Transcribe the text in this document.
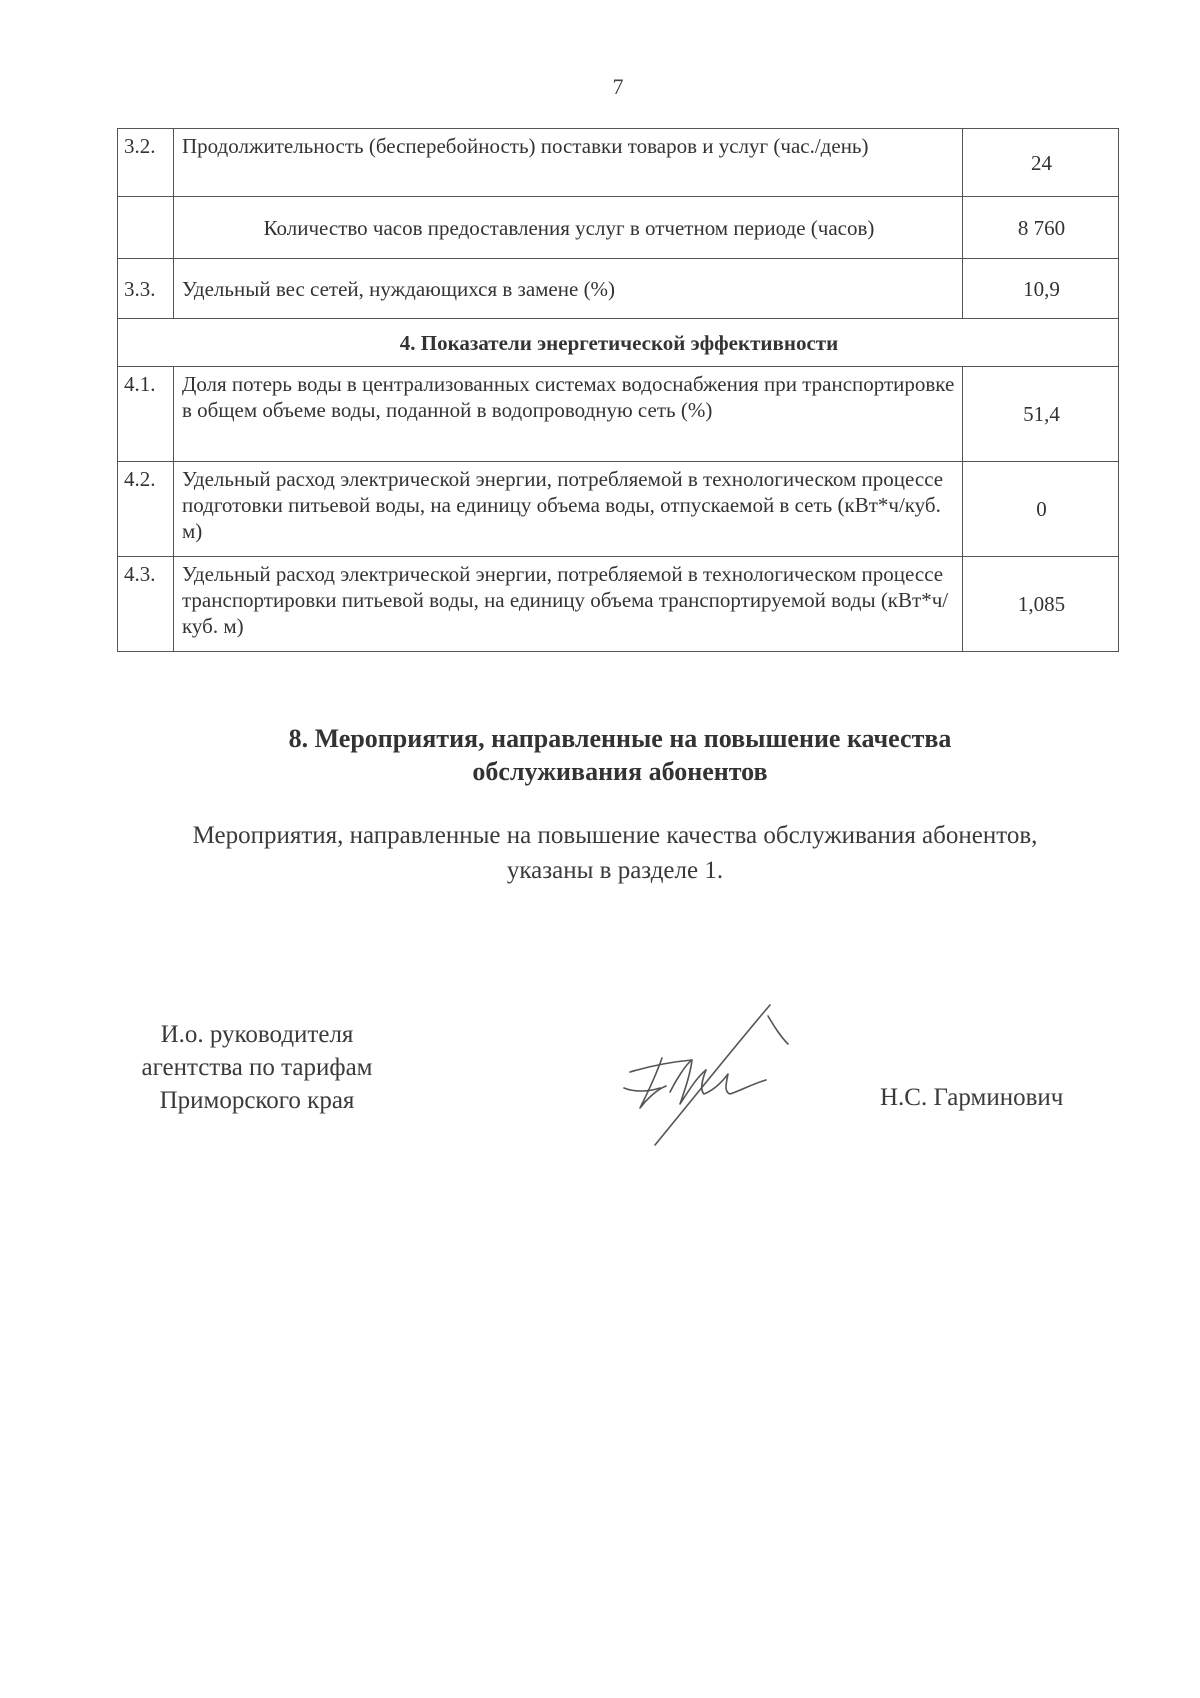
7
3.2.	Продолжительность (бесперебойность) поставки товаров и услуг (час./день)	24
	Количество часов предоставления услуг в отчетном периоде (часов)	8 760
3.3.	Удельный вес сетей, нуждающихся в замене (%)	10,9
4. Показатели энергетической эффективности		
4.1.	Доля потерь воды в централизованных системах водоснабжения при транспортировке в общем объеме воды, поданной в водопроводную сеть (%)	51,4
4.2.	Удельный расход электрической энергии, потребляемой в технологическом процессе подготовки питьевой воды, на единицу объема воды, отпускаемой в сеть (кВт*ч/куб. м)	0
4.3.	Удельный расход электрической энергии, потребляемой в технологическом процессе транспортировки питьевой воды, на единицу объема транспортируемой воды (кВт*ч/куб. м)	1,085
8. Мероприятия, направленные на повышение качества
обслуживания абонентов
Мероприятия, направленные на повышение качества обслуживания абонентов,
указаны в разделе 1.
И.о. руководителя
агентства по тарифам
Приморского края	Н.С. Гарминович
